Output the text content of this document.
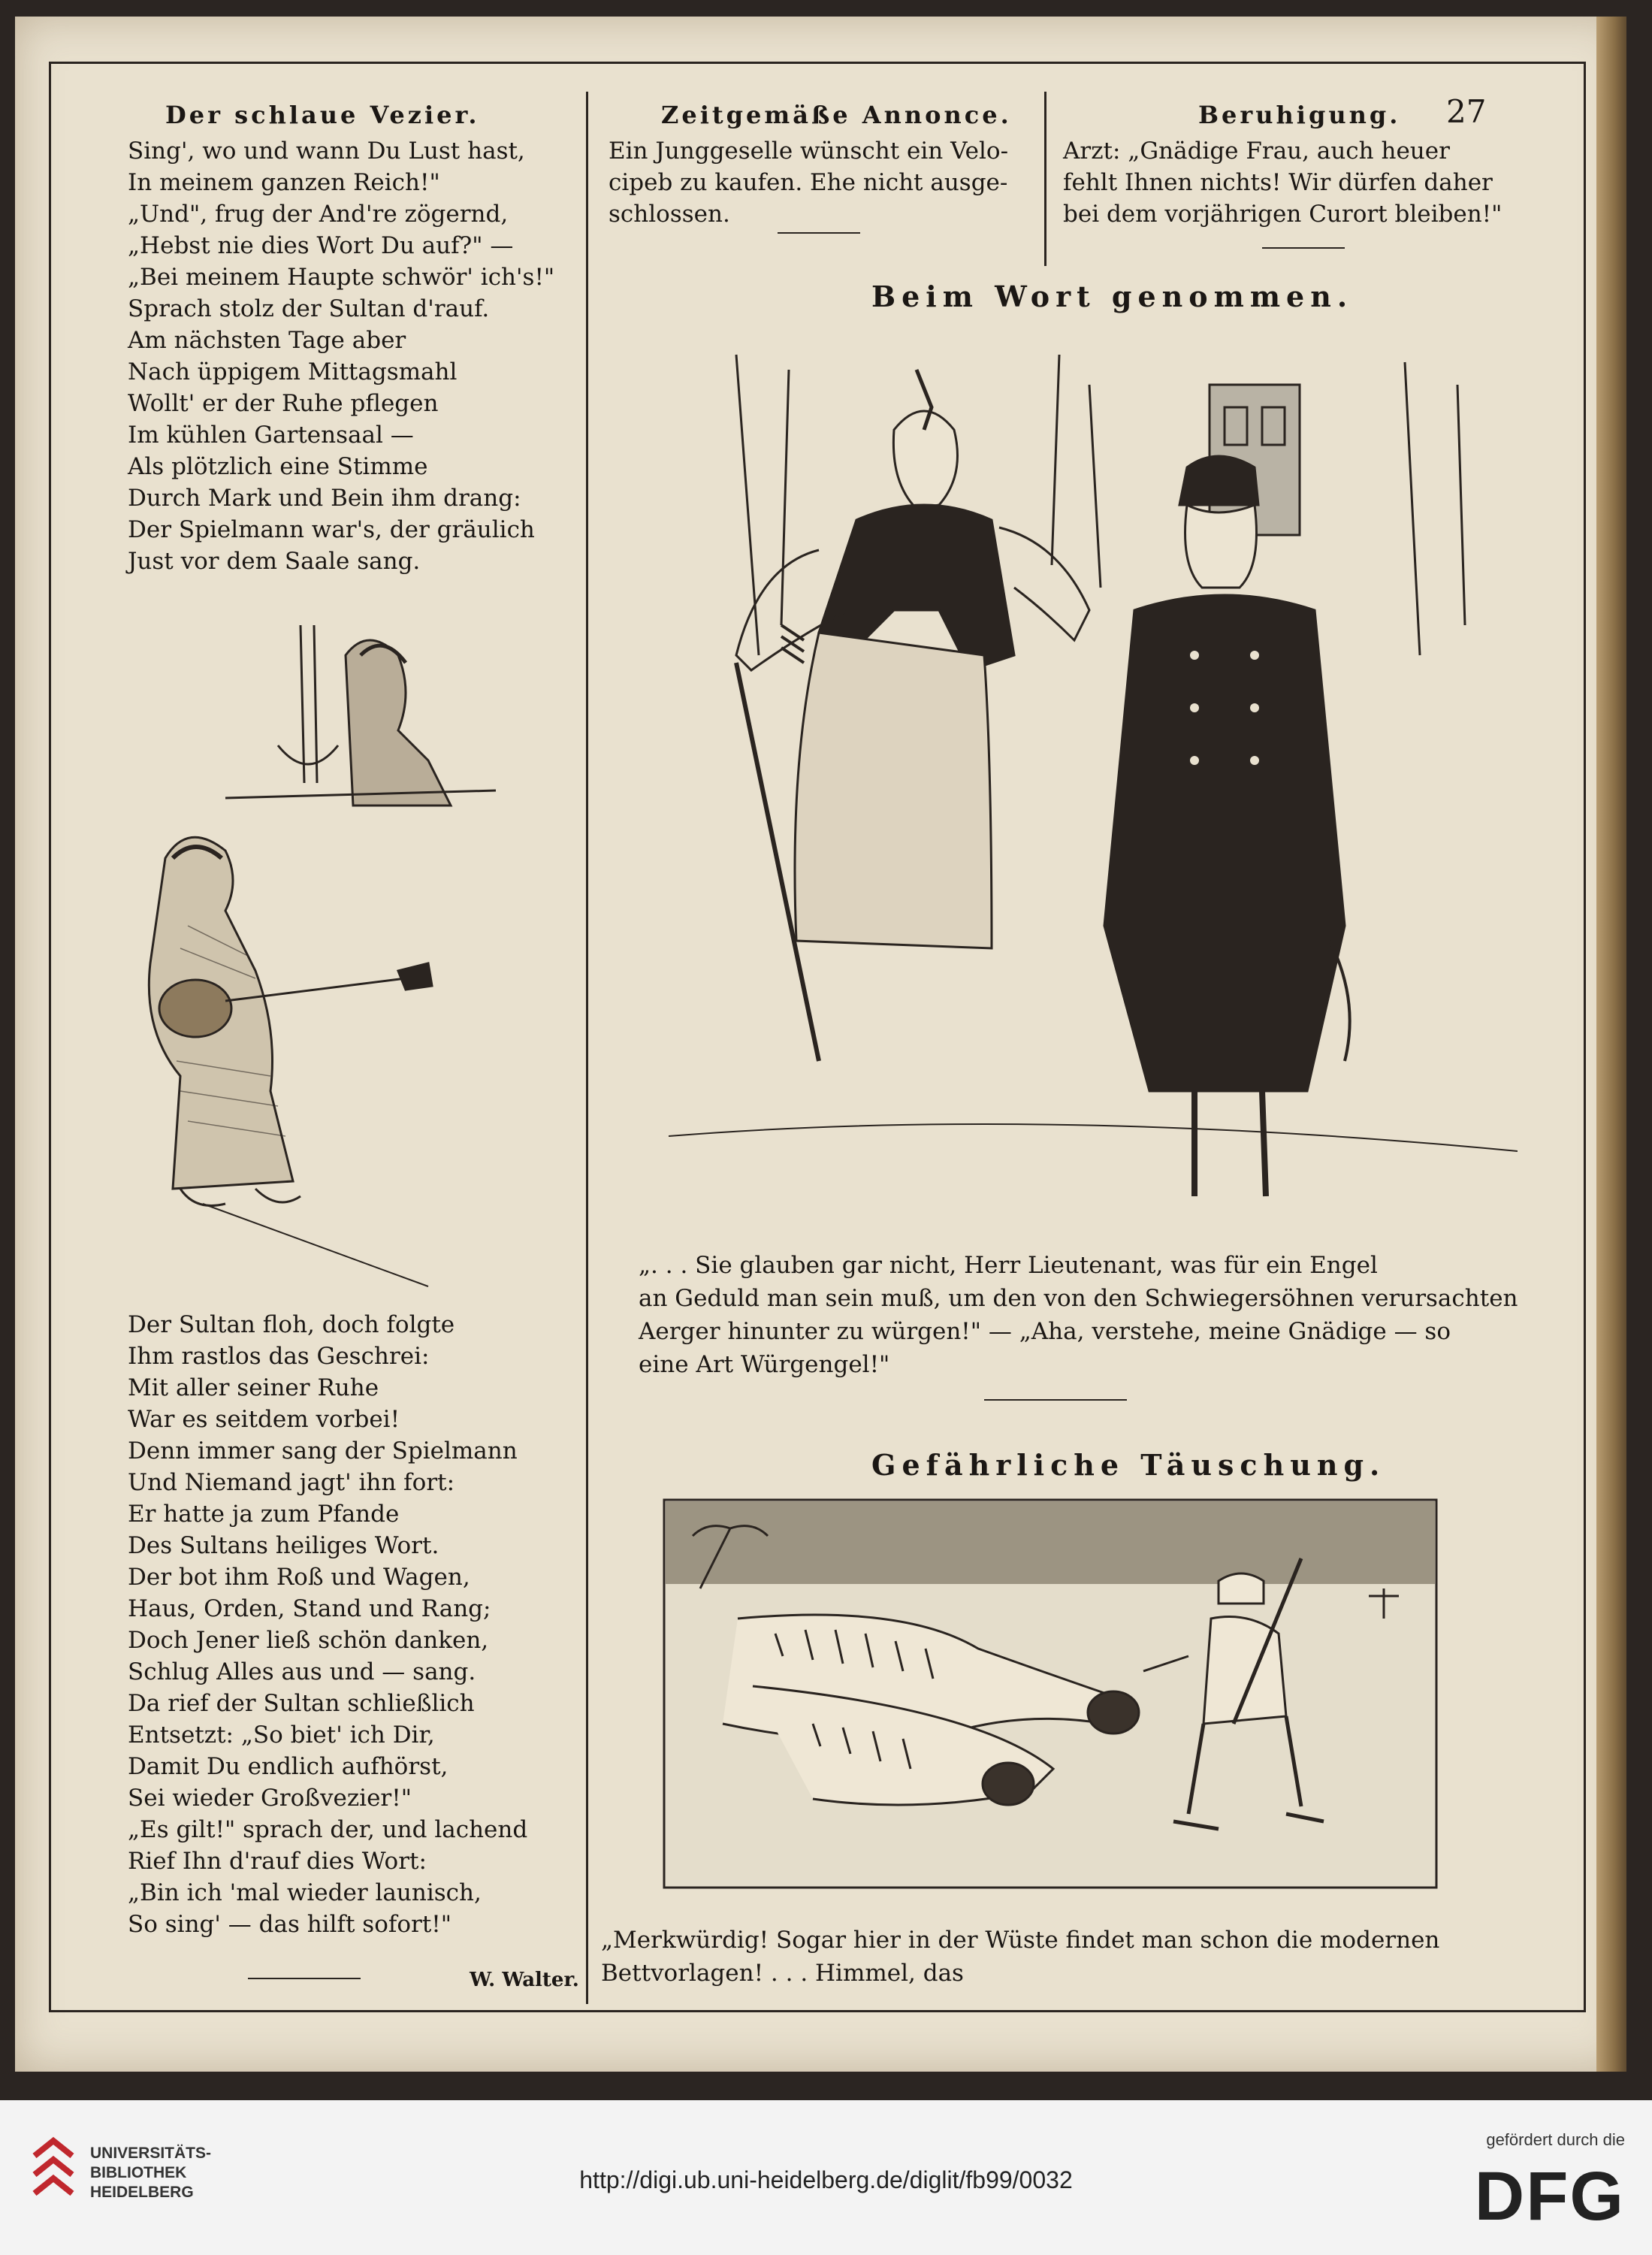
Der schlaue Vezier.
Sing', wo und wann Du Lust hast,
In meinem ganzen Reich!"
„Und", frug der And're zögernd,
„Hebst nie dies Wort Du auf?" —
„Bei meinem Haupte schwör' ich's!"
Sprach stolz der Sultan d'rauf.
Am nächsten Tage aber
Nach üppigem Mittagsmahl
Wollt' er der Ruhe pflegen
Im kühlen Gartensaal —
Als plötzlich eine Stimme
Durch Mark und Bein ihm drang:
Der Spielmann war's, der gräulich
Just vor dem Saale sang.
Der Sultan floh, doch folgte
Ihm rastlos das Geschrei:
Mit aller seiner Ruhe
War es seitdem vorbei!
Denn immer sang der Spielmann
Und Niemand jagt' ihn fort:
Er hatte ja zum Pfande
Des Sultans heiliges Wort.
Der bot ihm Roß und Wagen,
Haus, Orden, Stand und Rang;
Doch Jener ließ schön danken,
Schlug Alles aus und — sang.
Da rief der Sultan schließlich
Entsetzt: „So biet' ich Dir,
Damit Du endlich aufhörst,
Sei wieder Großvezier!"
„Es gilt!" sprach der, und lachend
Rief Ihn d'rauf dies Wort:
„Bin ich 'mal wieder launisch,
So sing' — das hilft sofort!"
W. Walter.
Zeitgemäße Annonce.
Ein Junggeselle wünscht ein Velo-
cipeb zu kaufen. Ehe nicht ausge-
schlossen.
Beruhigung. 27
Arzt: „Gnädige Frau, auch heuer
fehlt Ihnen nichts! Wir dürfen daher
bei dem vorjährigen Curort bleiben!"
Beim Wort genommen.
„. . . Sie glauben gar nicht, Herr Lieutenant, was für ein Engel
an Geduld man sein muß, um den von den Schwiegersöhnen verursachten
Aerger hinunter zu würgen!" — „Aha, verstehe, meine Gnädige — so
eine Art Würgengel!"
Gefährliche Täuschung.
„Merkwürdig! Sogar hier in der Wüste findet man schon die modernen
Bettvorlagen! . . . Himmel, das
UNIVERSITÄTS-
BIBLIOTHEK
HEIDELBERG	http://digi.ub.uni-heidelberg.de/diglit/fb99/0032
gefördert durch die
DFG
